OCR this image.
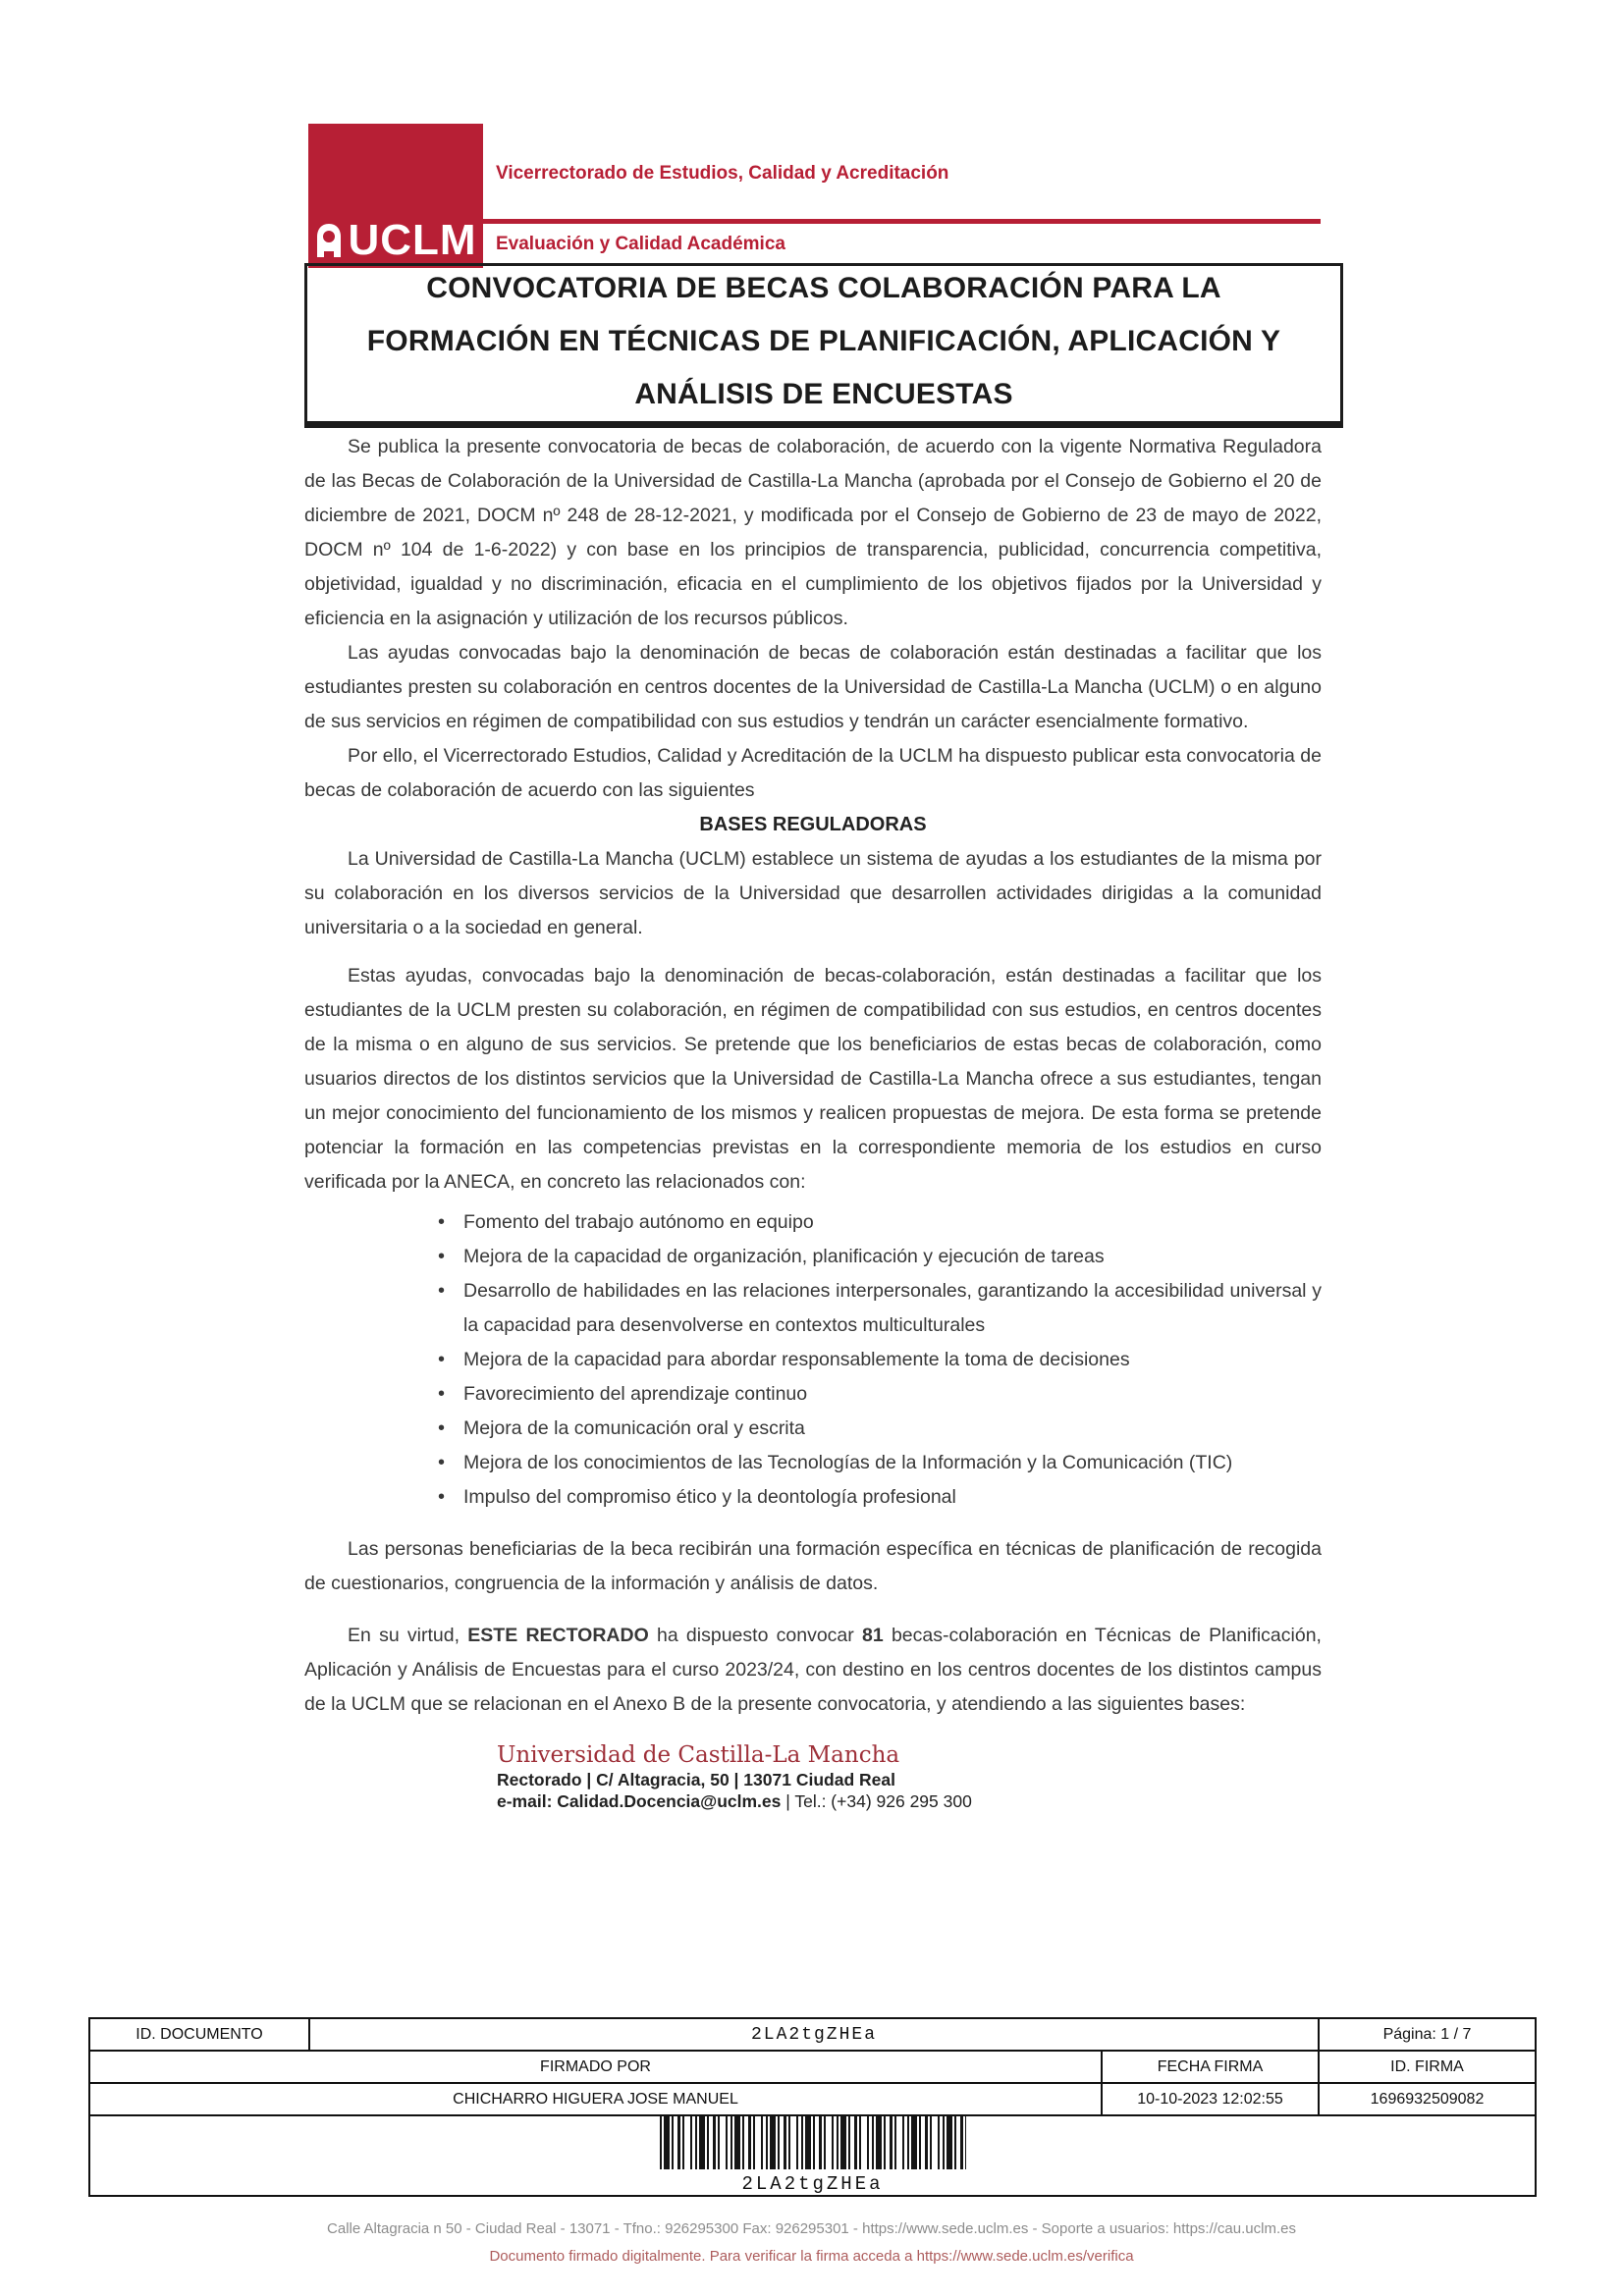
UCLM
Vicerrectorado de Estudios, Calidad y Acreditación
Evaluación y Calidad Académica
CONVOCATORIA DE BECAS COLABORACIÓN PARA LA FORMACIÓN EN TÉCNICAS DE PLANIFICACIÓN, APLICACIÓN Y ANÁLISIS DE ENCUESTAS

Se publica la presente convocatoria de becas de colaboración, de acuerdo con la vigente Normativa Reguladora de las Becas de Colaboración de la Universidad de Castilla-La Mancha (aprobada por el Consejo de Gobierno el 20 de diciembre de 2021, DOCM nº 248 de 28-12-2021, y modificada por el Consejo de Gobierno de 23 de mayo de 2022, DOCM nº 104 de 1-6-2022) y con base en los principios de transparencia, publicidad, concurrencia competitiva, objetividad, igualdad y no discriminación, eficacia en el cumplimiento de los objetivos fijados por la Universidad y eficiencia en la asignación y utilización de los recursos públicos.

Las ayudas convocadas bajo la denominación de becas de colaboración están destinadas a facilitar que los estudiantes presten su colaboración en centros docentes de la Universidad de Castilla-La Mancha (UCLM) o en alguno de sus servicios en régimen de compatibilidad con sus estudios y tendrán un carácter esencialmente formativo.

Por ello, el Vicerrectorado Estudios, Calidad y Acreditación de la UCLM ha dispuesto publicar esta convocatoria de becas de colaboración de acuerdo con las siguientes

BASES REGULADORAS

La Universidad de Castilla-La Mancha (UCLM) establece un sistema de ayudas a los estudiantes de la misma por su colaboración en los diversos servicios de la Universidad que desarrollen actividades dirigidas a la comunidad universitaria o a la sociedad en general.

Estas ayudas, convocadas bajo la denominación de becas-colaboración, están destinadas a facilitar que los estudiantes de la UCLM presten su colaboración, en régimen de compatibilidad con sus estudios, en centros docentes de la misma o en alguno de sus servicios. Se pretende que los beneficiarios de estas becas de colaboración, como usuarios directos de los distintos servicios que la Universidad de Castilla-La Mancha ofrece a sus estudiantes, tengan un mejor conocimiento del funcionamiento de los mismos y realicen propuestas de mejora. De esta forma se pretende potenciar la formación en las competencias previstas en la correspondiente memoria de los estudios en curso verificada por la ANECA, en concreto las relacionados con:

• Fomento del trabajo autónomo en equipo
• Mejora de la capacidad de organización, planificación y ejecución de tareas
• Desarrollo de habilidades en las relaciones interpersonales, garantizando la accesibilidad universal y la capacidad para desenvolverse en contextos multiculturales
• Mejora de la capacidad para abordar responsablemente la toma de decisiones
• Favorecimiento del aprendizaje continuo
• Mejora de la comunicación oral y escrita
• Mejora de los conocimientos de las Tecnologías de la Información y la Comunicación (TIC)
• Impulso del compromiso ético y la deontología profesional

Las personas beneficiarias de la beca recibirán una formación específica en técnicas de planificación de recogida de cuestionarios, congruencia de la información y análisis de datos.

En su virtud, ESTE RECTORADO ha dispuesto convocar 81 becas-colaboración en Técnicas de Planificación, Aplicación y Análisis de Encuestas para el curso 2023/24, con destino en los centros docentes de los distintos campus de la UCLM que se relacionan en el Anexo B de la presente convocatoria, y atendiendo a las siguientes bases:

Universidad de Castilla-La Mancha
Rectorado | C/ Altagracia, 50 | 13071 Ciudad Real
e-mail: Calidad.Docencia@uclm.es | Tel.: (+34) 926 295 300
ID. DOCUMENTO	2LA2tgZHEa		Página: 1 / 7
FIRMADO POR		FECHA FIRMA	ID. FIRMA
CHICHARRO HIGUERA JOSE MANUEL		10-10-2023 12:02:55	1696932509082

2LA2tgZHEa			
Calle Altagracia n 50 - Ciudad Real - 13071 - Tfno.: 926295300 Fax: 926295301 - https://www.sede.uclm.es - Soporte a usuarios: https://cau.uclm.es
Documento firmado digitalmente. Para verificar la firma acceda a https://www.sede.uclm.es/verifica
